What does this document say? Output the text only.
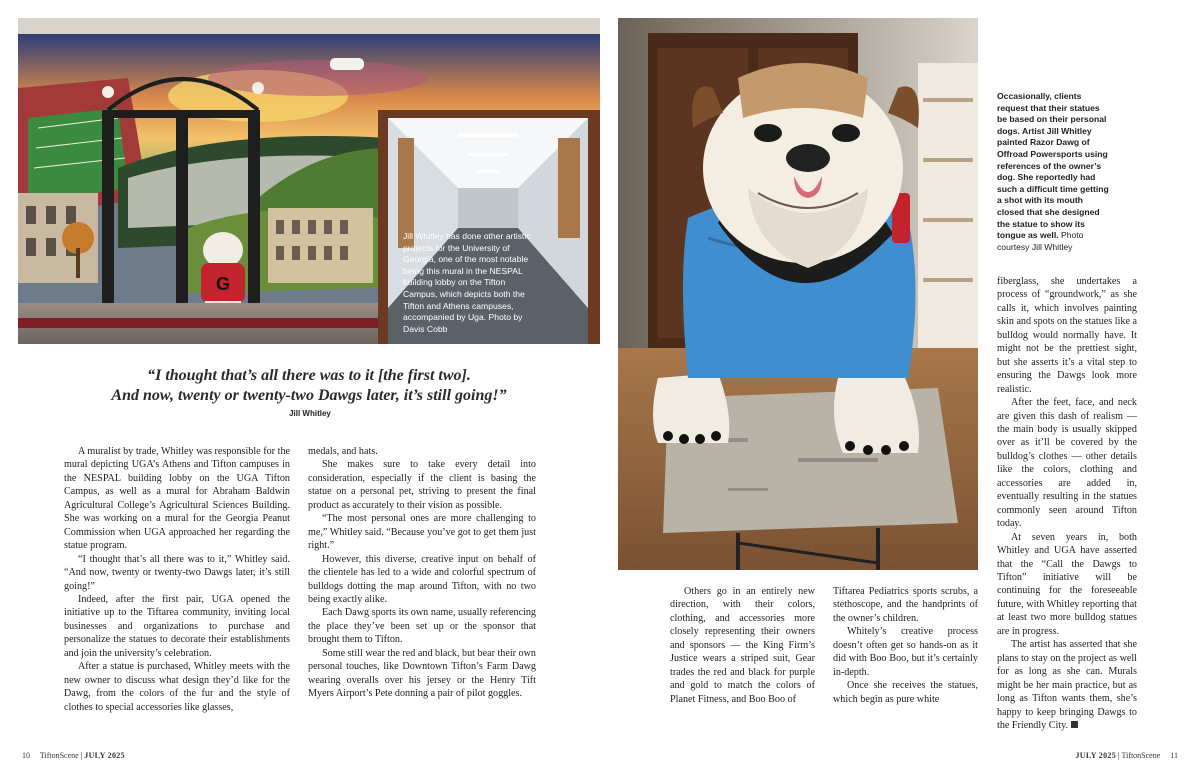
G
Jill Whitley has done other artistic projects for the University of Georgia, one of the most notable being this mural in the NESPAL building lobby on the Tifton Campus, which depicts both the Tifton and Athens campuses, accompanied by Uga. Photo by Davis Cobb
Occasionally, clients request that their statues be based on their personal dogs. Artist Jill Whitley painted Razor Dawg of Offroad Powersports using references of the owner’s dog. She reportedly had such a difficult time getting a shot with its mouth closed that she designed the statue to show its tongue as well. Photo courtesy Jill Whitley
“I thought that’s all there was to it [the first two].
And now, twenty or twenty-two Dawgs later, it’s still going!”
Jill Whitley

A muralist by trade, Whitley was responsible for the mural depicting UGA’s Athens and Tifton campuses in the NESPAL building lobby on the UGA Tifton Campus, as well as a mural for Abraham Baldwin Agricultural College’s Agricultural Sciences Building. She was working on a mural for the Georgia Peanut Commission when UGA approached her regarding the statue program.

“I thought that’s all there was to it,” Whitley said. “And now, twenty or twenty-two Dawgs later, it’s still going!”

Indeed, after the first pair, UGA opened the initiative up to the Tiftarea community, inviting local businesses and organizations to purchase and personalize the statues to decorate their establishments and join the university’s celebration.

After a statue is purchased, Whitley meets with the new owner to discuss what design they’d like for the Dawg, from the colors of the fur and the style of clothes to special accessories like glasses,

medals, and hats.

She makes sure to take every detail into consideration, especially if the client is basing the statue on a personal pet, striving to present the final product as accurately to their vision as possible.

“The most personal ones are more challenging to me,” Whitley said. “Because you’ve got to get them just right.”

However, this diverse, creative input on behalf of the clientele has led to a wide and colorful spectrum of bulldogs dotting the map around Tifton, with no two being exactly alike.

Each Dawg sports its own name, usually referencing the place they’ve been set up or the sponsor that brought them to Tifton.

Some still wear the red and black, but bear their own personal touches, like Downtown Tifton’s Farm Dawg wearing overalls over his jersey or the Henry Tift Myers Airport’s Pete donning a pair of pilot goggles.

Others go in an entirely new direction, with their colors, clothing, and accessories more closely representing their owners and sponsors — the King Firm’s Justice wears a striped suit, Gear trades the red and black for purple and gold to match the colors of Planet Fitness, and Boo Boo of

Tiftarea Pediatrics sports scrubs, a stethoscope, and the handprints of the owner’s children.

Whitely’s creative process doesn’t often get so hands-on as it did with Boo Boo, but it’s certainly in-depth.

Once she receives the statues, which begin as pure white

fiberglass, she undertakes a process of “groundwork,” as she calls it, which involves painting skin and spots on the statues like a bulldog would normally have. It might not be the prettiest sight, but she asserts it’s a vital step to ensuring the Dawgs look more realistic.

After the feet, face, and neck are given this dash of realism — the main body is usually skipped over as it’ll be covered by the bulldog’s clothes — other details like the colors, clothing and accessories are added in, eventually resulting in the statues commonly seen around Tifton today.

At seven years in, both Whitley and UGA have asserted that the “Call the Dawgs to Tifton” initiative will be continuing for the foreseeable future, with Whitley reporting that at least two more bulldog statues are in progress.

The artist has asserted that she plans to stay on the project as well for as long as she can. Murals might be her main practice, but as long as Tifton wants them, she’s happy to keep bringing Dawgs to the Friendly City.

10 TiftonScene | JULY 2025	JULY 2025 | TiftonScene 11
